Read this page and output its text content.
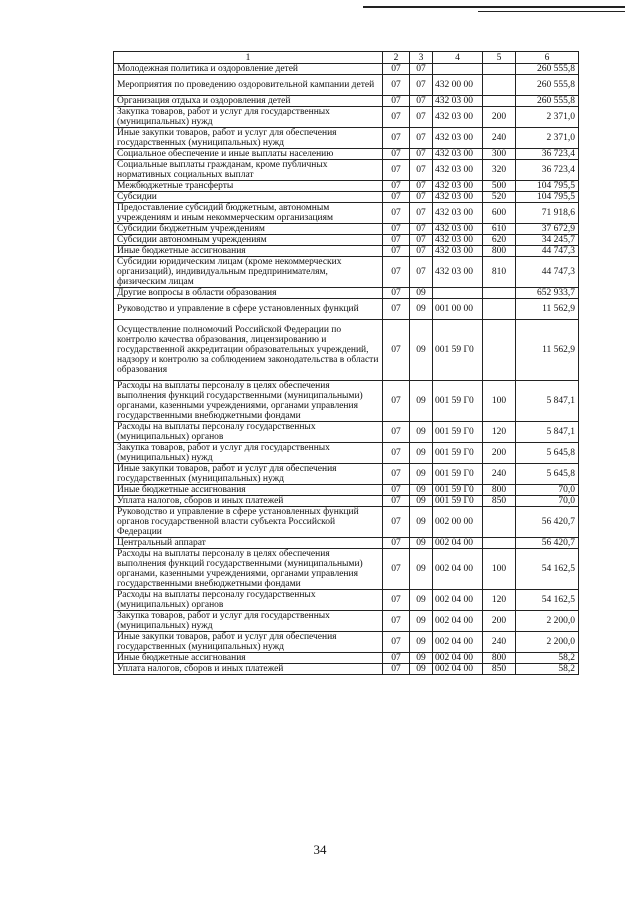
1	2	3	4	5	6
Молодежная политика и оздоровление детей	07	07			260 555,8
Мероприятия по проведению оздоровительной кампании детей	07	07	432 00 00		260 555,8
Организация отдыха и оздоровления детей	07	07	432 03 00		260 555,8
Закупка товаров, работ и услуг для государственных (муниципальных) нужд	07	07	432 03 00	200	2 371,0
Иные закупки товаров, работ и услуг для обеспечения государственных (муниципальных) нужд	07	07	432 03 00	240	2 371,0
Социальное обеспечение и иные выплаты населению	07	07	432 03 00	300	36 723,4
Социальные выплаты гражданам, кроме публичных нормативных социальных выплат	07	07	432 03 00	320	36 723,4
Межбюджетные трансферты	07	07	432 03 00	500	104 795,5
Субсидии	07	07	432 03 00	520	104 795,5
Предоставление субсидий бюджетным, автономным учреждениям и иным некоммерческим организациям	07	07	432 03 00	600	71 918,6
Субсидии бюджетным учреждениям	07	07	432 03 00	610	37 672,9
Субсидии автономным учреждениям	07	07	432 03 00	620	34 245,7
Иные бюджетные ассигнования	07	07	432 03 00	800	44 747,3
Субсидии юридическим лицам (кроме некоммерческих организаций), индивидуальным предпринимателям, физическим лицам	07	07	432 03 00	810	44 747,3
Другие вопросы в области образования	07	09			652 933,7
Руководство и управление в сфере установленных функций	07	09	001 00 00		11 562,9
Осуществление полномочий Российской Федерации по контролю качества образования, лицензированию и государственной аккредитации образовательных учреждений, надзору и контролю за соблюдением законодательства в области образования	07	09	001 59 Г0		11 562,9
Расходы на выплаты персоналу в целях обеспечения выполнения функций государственными (муниципальными) органами, казенными учреждениями, органами управления государственными внебюджетными фондами	07	09	001 59 Г0	100	5 847,1
Расходы на выплаты персоналу государственных (муниципальных) органов	07	09	001 59 Г0	120	5 847,1
Закупка товаров, работ и услуг для государственных (муниципальных) нужд	07	09	001 59 Г0	200	5 645,8
Иные закупки товаров, работ и услуг для обеспечения государственных (муниципальных) нужд	07	09	001 59 Г0	240	5 645,8
Иные бюджетные ассигнования	07	09	001 59 Г0	800	70,0
Уплата налогов, сборов и иных платежей	07	09	001 59 Г0	850	70,0
Руководство и управление в сфере установленных функций органов государственной власти субъекта Российской Федерации	07	09	002 00 00		56 420,7
Центральный аппарат	07	09	002 04 00		56 420,7
Расходы на выплаты персоналу в целях обеспечения выполнения функций государственными (муниципальными) органами, казенными учреждениями, органами управления государственными внебюджетными фондами	07	09	002 04 00	100	54 162,5
Расходы на выплаты персоналу государственных (муниципальных) органов	07	09	002 04 00	120	54 162,5
Закупка товаров, работ и услуг для государственных (муниципальных) нужд	07	09	002 04 00	200	2 200,0
Иные закупки товаров, работ и услуг для обеспечения государственных (муниципальных) нужд	07	09	002 04 00	240	2 200,0
Иные бюджетные ассигнования	07	09	002 04 00	800	58,2
Уплата налогов, сборов и иных платежей	07	09	002 04 00	850	58,2
34
